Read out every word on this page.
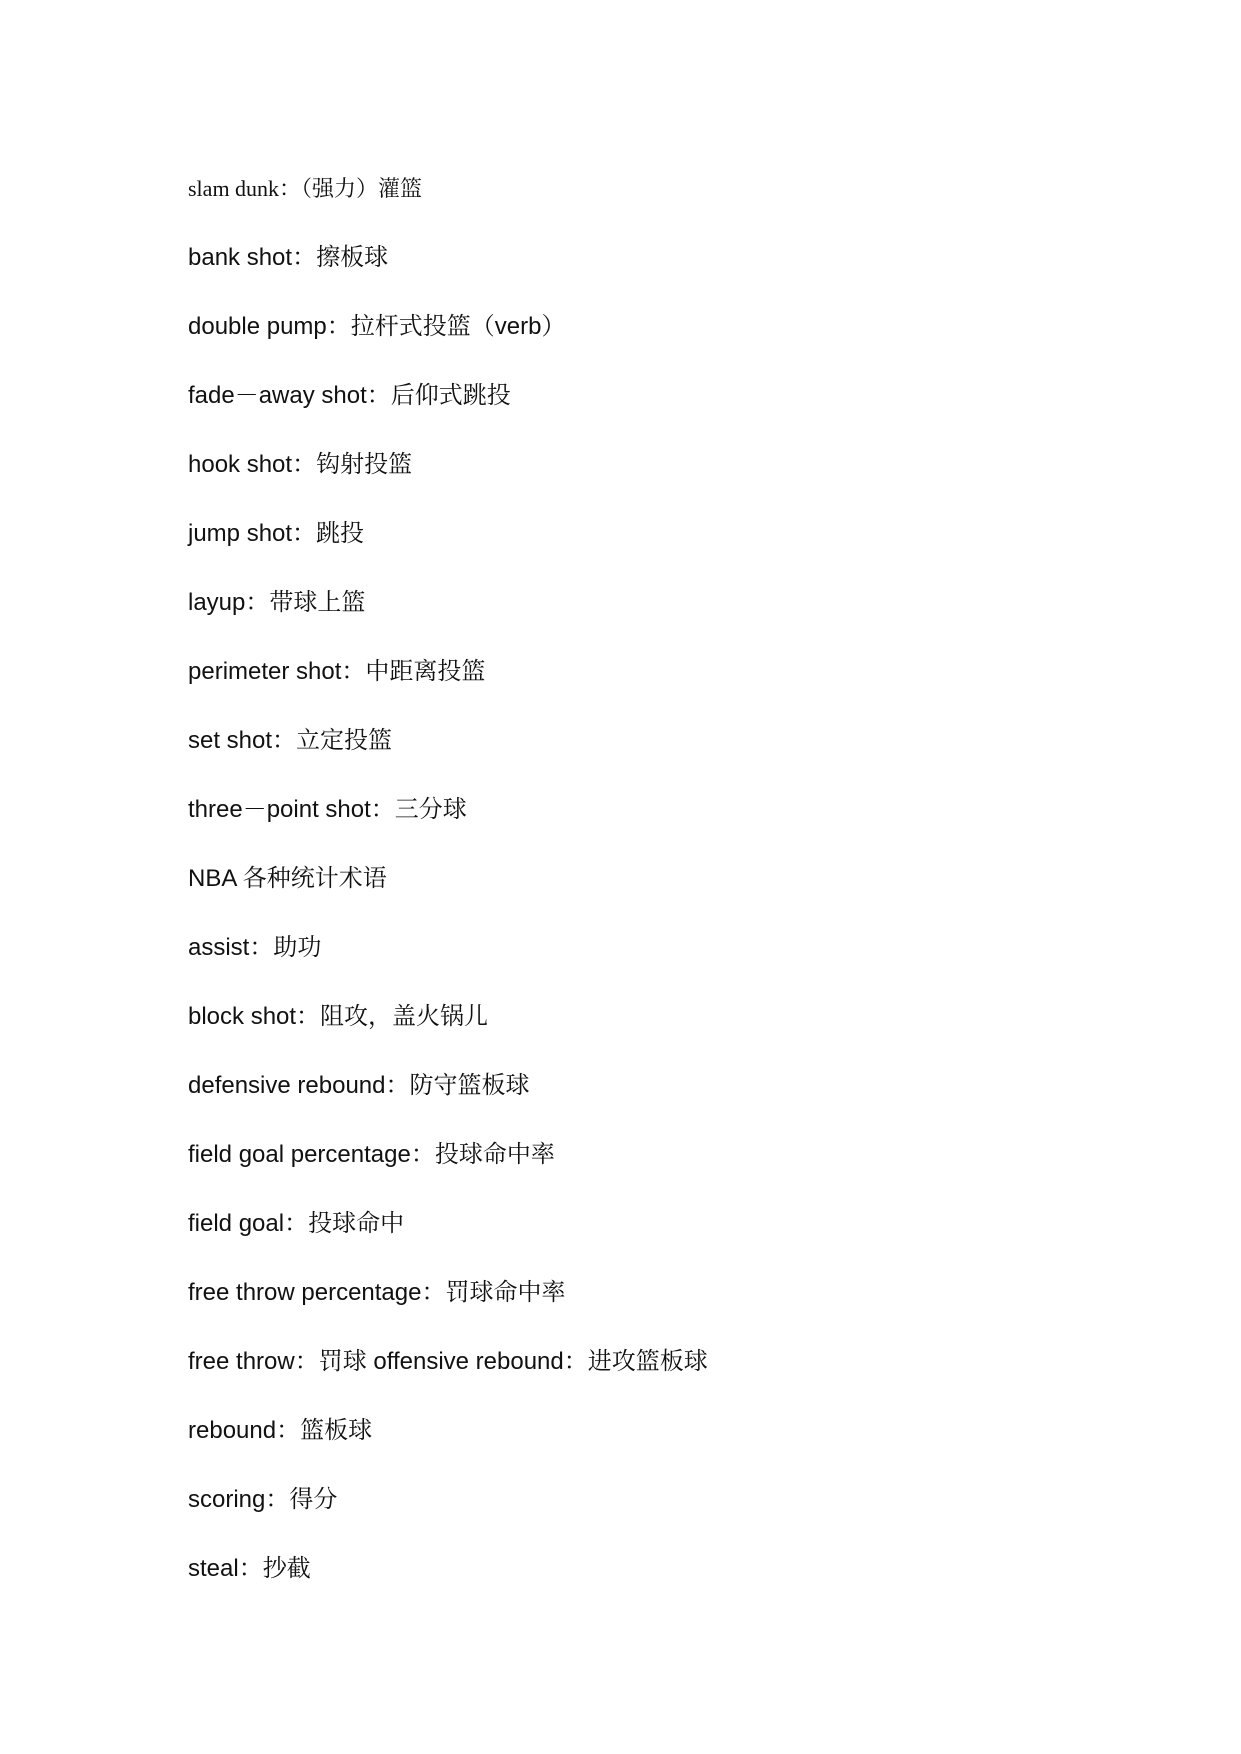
slam dunk：（强力）灌篮
bank shot：擦板球
double pump：拉杆式投篮（verb）
fade－away shot：后仰式跳投
hook shot：钩射投篮
jump shot：跳投
layup：带球上篮
perimeter shot：中距离投篮
set shot：立定投篮
three－point shot：三分球
NBA 各种统计术语
assist：助功
block shot：阻攻，盖火锅儿
defensive rebound：防守篮板球
field goal percentage：投球命中率
field goal：投球命中
free throw percentage：罚球命中率
free throw：罚球 offensive rebound：进攻篮板球
rebound：篮板球
scoring：得分
steal：抄截
